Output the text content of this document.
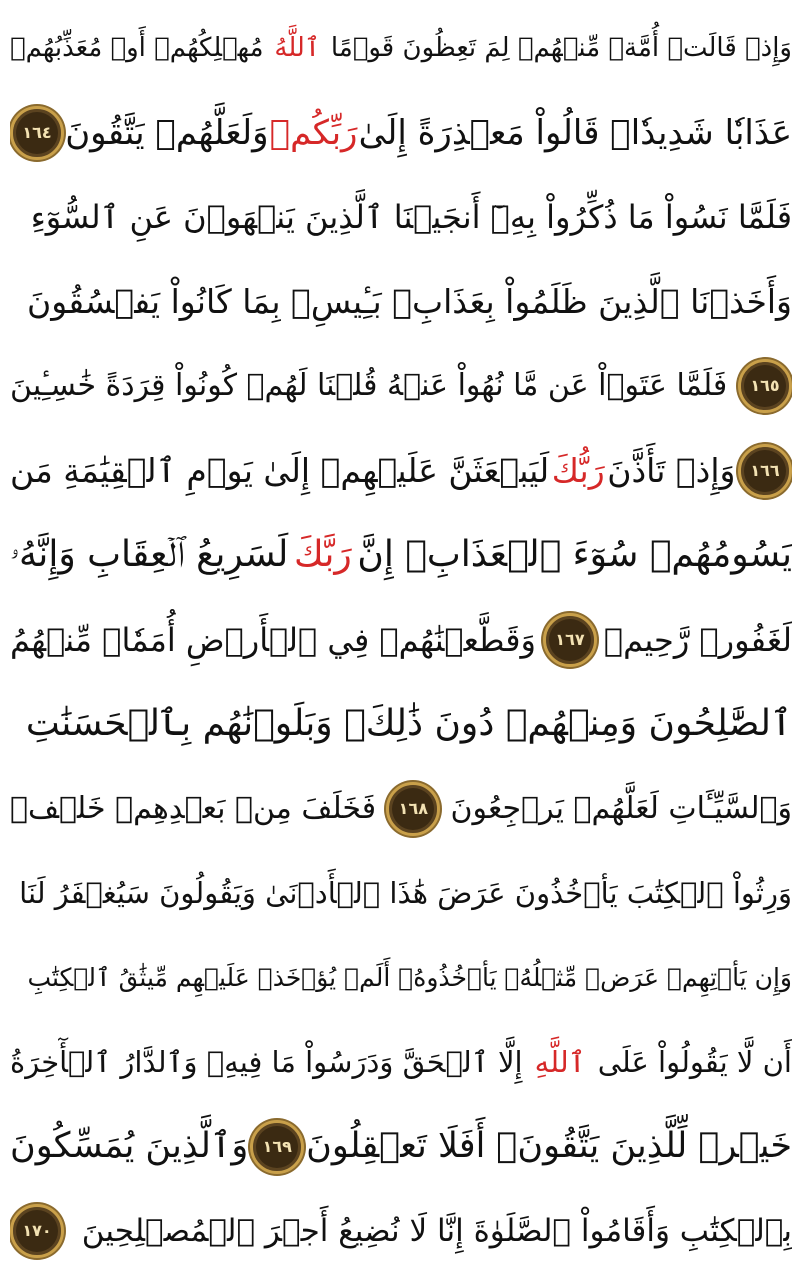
وَإِذۡ قَالَتۡ أُمَّةٞ مِّنۡهُمۡ لِمَ تَعِظُونَ قَوۡمًا
ٱللَّهُ
مُهۡلِكُهُمۡ أَوۡ مُعَذِّبُهُمۡ
عَذَابٗا شَدِيدٗاۖ قَالُواْ مَعۡذِرَةً إِلَىٰ
رَبِّكُمۡ
وَلَعَلَّهُمۡ يَتَّقُونَ
١٦٤
فَلَمَّا نَسُواْ مَا ذُكِّرُواْ بِهِۦٓ أَنجَيۡنَا ٱلَّذِينَ يَنۡهَوۡنَ عَنِ ٱلسُّوٓءِ
وَأَخَذۡنَا ٱلَّذِينَ ظَلَمُواْ بِعَذَابِۭ بَـِٔيسِۭ بِمَا كَانُواْ يَفۡسُقُونَ
١٦٥
فَلَمَّا عَتَوۡاْ عَن مَّا نُهُواْ عَنۡهُ قُلۡنَا لَهُمۡ كُونُواْ قِرَدَةً خَٰسِـِٔينَ
١٦٦
وَإِذۡ تَأَذَّنَ
رَبُّكَ
لَيَبۡعَثَنَّ عَلَيۡهِمۡ إِلَىٰ يَوۡمِ ٱلۡقِيَٰمَةِ مَن
يَسُومُهُمۡ سُوٓءَ ٱلۡعَذَابِۗ إِنَّ
رَبَّكَ
لَسَرِيعُ ٱلۡعِقَابِ وَإِنَّهُۥ
لَغَفُورٞ رَّحِيمٞ
١٦٧
وَقَطَّعۡنَٰهُمۡ فِي ٱلۡأَرۡضِ أُمَمٗاۖ مِّنۡهُمُ
ٱلصَّٰلِحُونَ وَمِنۡهُمۡ دُونَ ذَٰلِكَۖ وَبَلَوۡنَٰهُم بِٱلۡحَسَنَٰتِ
وَٱلسَّيِّـَٔاتِ لَعَلَّهُمۡ يَرۡجِعُونَ
١٦٨
فَخَلَفَ مِنۢ بَعۡدِهِمۡ خَلۡفٞ
وَرِثُواْ ٱلۡكِتَٰبَ يَأۡخُذُونَ عَرَضَ هَٰذَا ٱلۡأَدۡنَىٰ وَيَقُولُونَ سَيُغۡفَرُ لَنَا
وَإِن يَأۡتِهِمۡ عَرَضٞ مِّثۡلُهُۥ يَأۡخُذُوهُۚ أَلَمۡ يُؤۡخَذۡ عَلَيۡهِم مِّيثَٰقُ ٱلۡكِتَٰبِ
أَن لَّا يَقُولُواْ عَلَى
ٱللَّهِ
إِلَّا ٱلۡحَقَّ وَدَرَسُواْ مَا فِيهِۗ وَٱلدَّارُ ٱلۡأٓخِرَةُ
خَيۡرٞ لِّلَّذِينَ يَتَّقُونَۚ أَفَلَا تَعۡقِلُونَ
١٦٩
وَٱلَّذِينَ يُمَسِّكُونَ
بِٱلۡكِتَٰبِ وَأَقَامُواْ ٱلصَّلَوٰةَ إِنَّا لَا نُضِيعُ أَجۡرَ ٱلۡمُصۡلِحِينَ
١٧٠
